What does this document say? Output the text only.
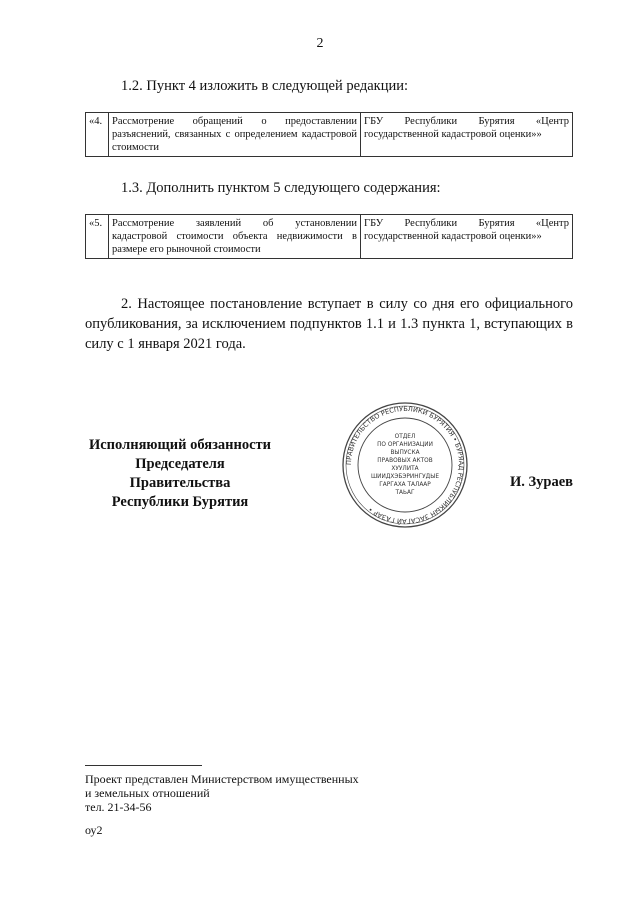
2
1.2. Пункт 4 изложить в следующей редакции:
«4.	Рассмотрение обращений о предоставлении разъяснений, связанных с определением кадастровой стоимости	ГБУ Республики Бурятия «Центр государственной кадастровой оценки»»
1.3. Дополнить пунктом 5 следующего содержания:
«5.	Рассмотрение заявлений об установлении кадастровой стоимости объекта недвижимости в размере его рыночной стоимости	ГБУ Республики Бурятия «Центр государственной кадастровой оценки»»
2. Настоящее постановление вступает в силу со дня его официального опубликования, за исключением подпунктов 1.1 и 1.3 пункта 1, вступающих в силу с 1 января 2021 года.
Исполняющий обязанности
Председателя Правительства
Республики Бурятия
ПРАВИТЕЛЬСТВО РЕСПУБЛИКИ БУРЯТИЯ • БУРЯАД РЕСПУБЛИКЫН ЗАСАГАЙ ГАЗАР •
ОТДЕЛ
ПО ОРГАНИЗАЦИИ
ВЫПУСКА
ПРАВОВЫХ АКТОВ
ХУУЛИТА
ШИИДХЭБЭРИНГУДЫЕ
ГАРГАХА ТАЛААР
ТАЬАГ
И. Зураев
Проект представлен Министерством имущественных
и земельных отношений
тел. 21-34-56
оу2
